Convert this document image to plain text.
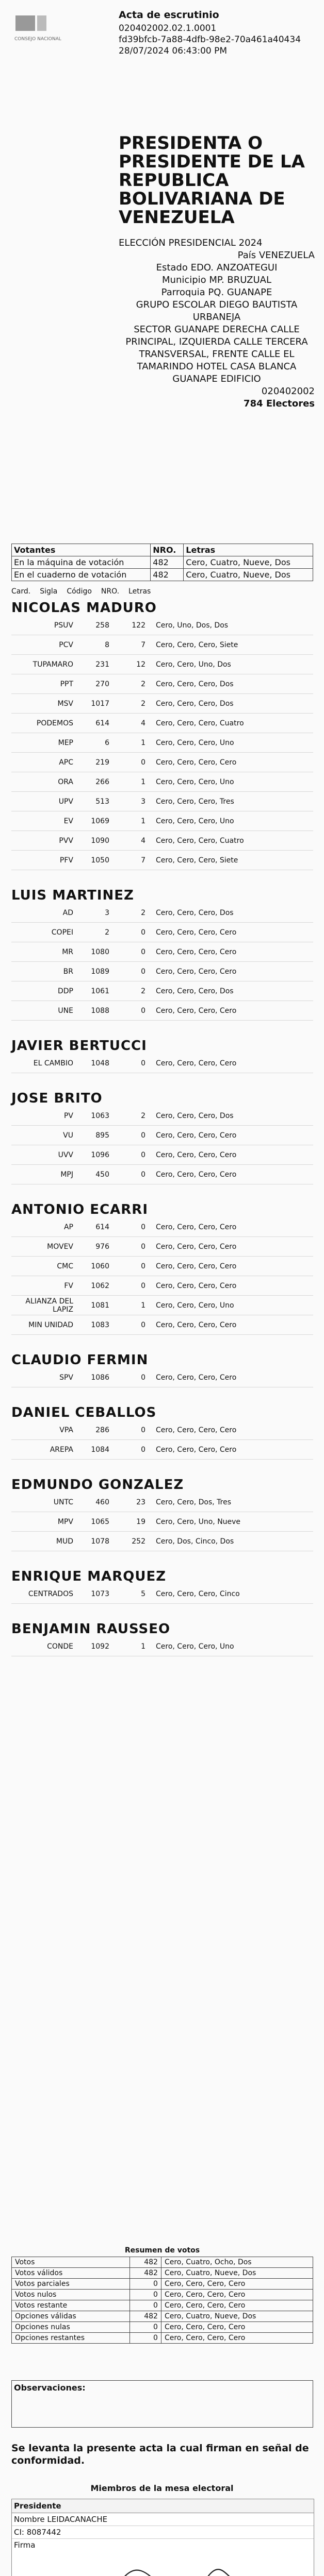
CONSEJO NACIONAL
Acta de escrutinio
020402002.02.1.0001
fd39bfcb-7a88-4dfb-98e2-70a461a40434
28/07/2024 06:43:00 PM
PRESIDENTA O PRESIDENTE DE LA REPUBLICA BOLIVARIANA DE VENEZUELA
ELECCIÓN PRESIDENCIAL 2024
País VENEZUELA
Estado EDO. ANZOATEGUI
Municipio MP. BRUZUAL
Parroquia PQ. GUANAPE
GRUPO ESCOLAR DIEGO BAUTISTA URBANEJA
SECTOR GUANAPE DERECHA CALLE PRINCIPAL, IZQUIERDA CALLE TERCERA TRANSVERSAL, FRENTE CALLE EL TAMARINDO HOTEL CASA BLANCA GUANAPE EDIFICIO
020402002
784 Electores
Votantes	NRO.	Letras
En la máquina de votación	482	Cero, Cuatro, Nueve, Dos
En el cuaderno de votación	482	Cero, Cuatro, Nueve, Dos
Card. Sigla Código NRO. Letras
NICOLAS MADURO
PSUV	258	122	Cero, Uno, Dos, Dos
PCV	8	7	Cero, Cero, Cero, Siete
TUPAMARO	231	12	Cero, Cero, Uno, Dos
PPT	270	2	Cero, Cero, Cero, Dos
MSV	1017	2	Cero, Cero, Cero, Dos
PODEMOS	614	4	Cero, Cero, Cero, Cuatro
MEP	6	1	Cero, Cero, Cero, Uno
APC	219	0	Cero, Cero, Cero, Cero
ORA	266	1	Cero, Cero, Cero, Uno
UPV	513	3	Cero, Cero, Cero, Tres
EV	1069	1	Cero, Cero, Cero, Uno
PVV	1090	4	Cero, Cero, Cero, Cuatro
PFV	1050	7	Cero, Cero, Cero, Siete
LUIS MARTINEZ
AD	3	2	Cero, Cero, Cero, Dos
COPEI	2	0	Cero, Cero, Cero, Cero
MR	1080	0	Cero, Cero, Cero, Cero
BR	1089	0	Cero, Cero, Cero, Cero
DDP	1061	2	Cero, Cero, Cero, Dos
UNE	1088	0	Cero, Cero, Cero, Cero
JAVIER BERTUCCI
EL CAMBIO	1048	0	Cero, Cero, Cero, Cero
JOSE BRITO
PV	1063	2	Cero, Cero, Cero, Dos
VU	895	0	Cero, Cero, Cero, Cero
UVV	1096	0	Cero, Cero, Cero, Cero
MPJ	450	0	Cero, Cero, Cero, Cero
ANTONIO ECARRI
AP	614	0	Cero, Cero, Cero, Cero
MOVEV	976	0	Cero, Cero, Cero, Cero
CMC	1060	0	Cero, Cero, Cero, Cero
FV	1062	0	Cero, Cero, Cero, Cero
ALIANZA DEL LAPIZ	1081	1	Cero, Cero, Cero, Uno
MIN UNIDAD	1083	0	Cero, Cero, Cero, Cero
CLAUDIO FERMIN
SPV	1086	0	Cero, Cero, Cero, Cero
DANIEL CEBALLOS
VPA	286	0	Cero, Cero, Cero, Cero
AREPA	1084	0	Cero, Cero, Cero, Cero
EDMUNDO GONZALEZ
UNTC	460	23	Cero, Cero, Dos, Tres
MPV	1065	19	Cero, Cero, Uno, Nueve
MUD	1078	252	Cero, Dos, Cinco, Dos
ENRIQUE MARQUEZ
CENTRADOS	1073	5	Cero, Cero, Cero, Cinco
BENJAMIN RAUSSEO
CONDE	1092	1	Cero, Cero, Cero, Uno
Resumen de votos
Votos	482	Cero, Cuatro, Ocho, Dos
Votos válidos	482	Cero, Cuatro, Nueve, Dos
Votos parciales	0	Cero, Cero, Cero, Cero
Votos nulos	0	Cero, Cero, Cero, Cero
Votos restante	0	Cero, Cero, Cero, Cero
Opciones válidas	482	Cero, Cuatro, Nueve, Dos
Opciones nulas	0	Cero, Cero, Cero, Cero
Opciones restantes	0	Cero, Cero, Cero, Cero
Observaciones:
Se levanta la presente acta la cual firman en señal de conformidad.
Miembros de la mesa electoral
Presidente
Nombre LEIDACANACHE
CI: 8087442
Firma
